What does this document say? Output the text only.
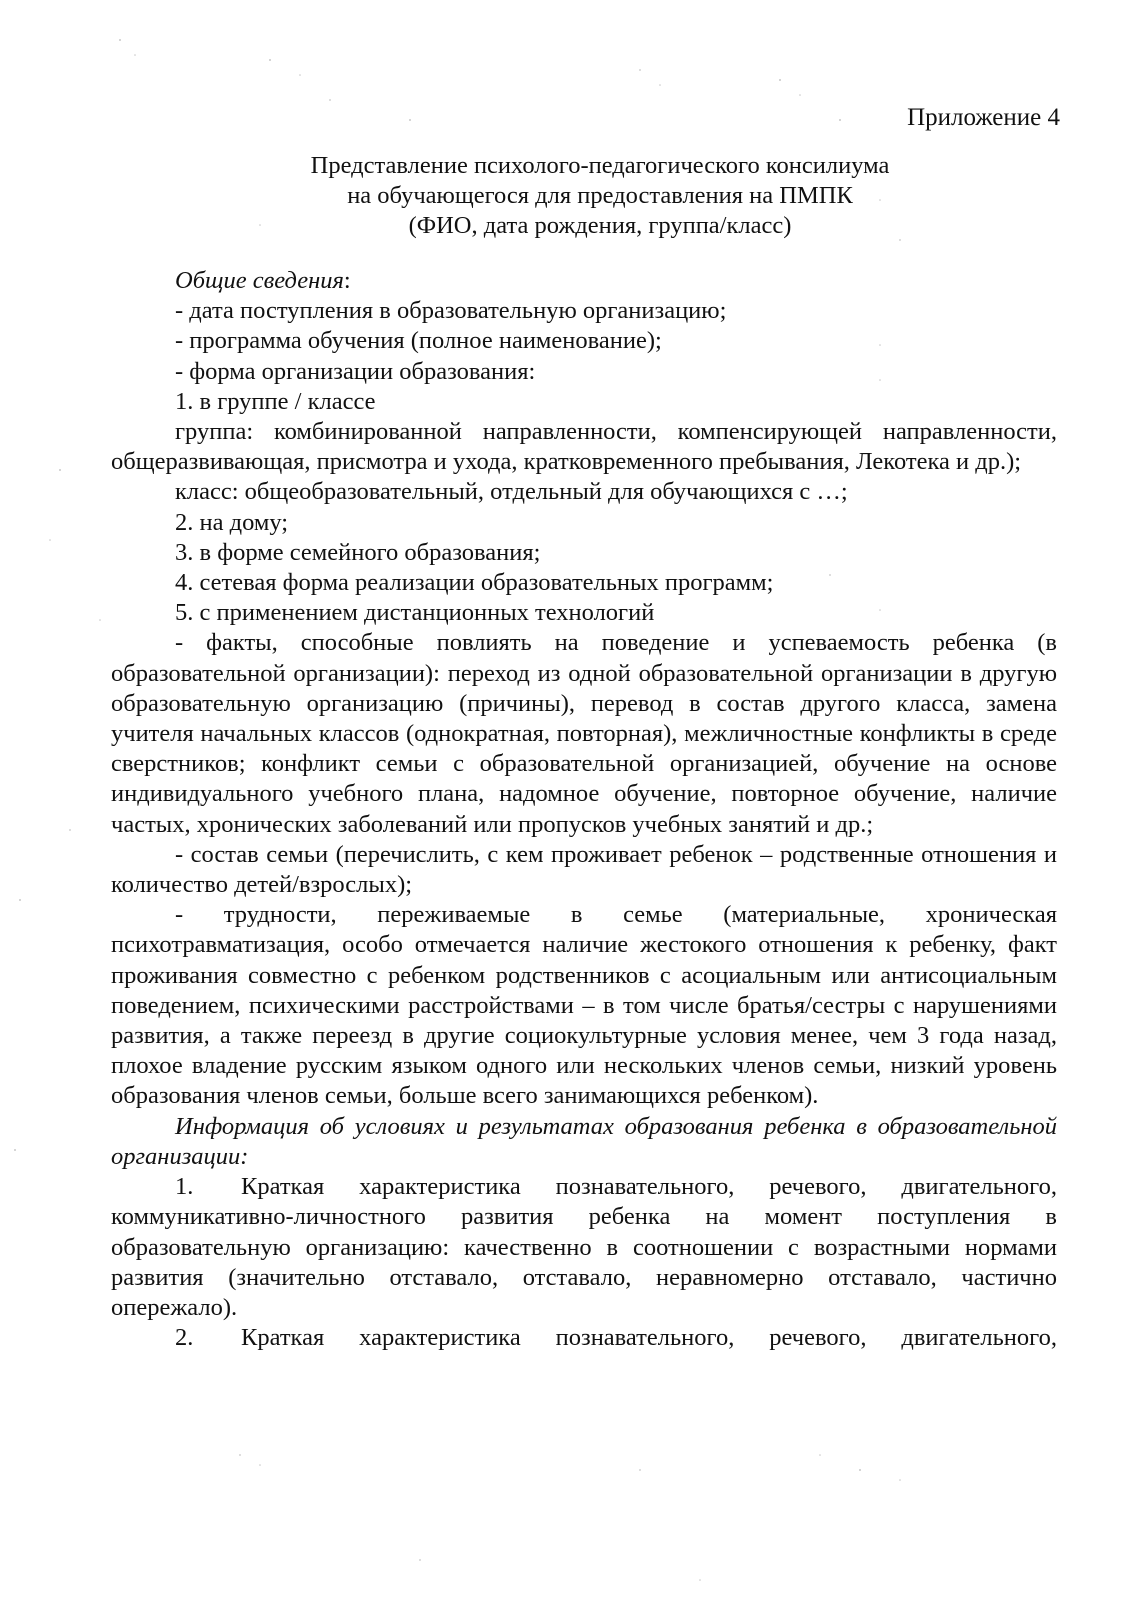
Приложение 4
Представление психолого-педагогического консилиума
на обучающегося для предоставления на ПМПК
(ФИО, дата рождения, группа/класс)

Общие сведения:

- дата поступления в образовательную организацию;

- программа обучения (полное наименование);

- форма организации образования:

1. в группе / классе

группа: комбинированной направленности, компенсирующей направленности, общеразвивающая, присмотра и ухода, кратковременного пребывания, Лекотека и др.);

класс: общеобразовательный, отдельный для обучающихся с …;

2. на дому;

3. в форме семейного образования;

4. сетевая форма реализации образовательных программ;

5. с применением дистанционных технологий

- факты, способные повлиять на поведение и успеваемость ребенка (в образовательной организации): переход из одной образовательной организации в другую образовательную организацию (причины), перевод в состав другого класса, замена учителя начальных классов (однократная, повторная), межличностные конфликты в среде сверстников; конфликт семьи с образовательной организацией, обучение на основе индивидуального учебного плана, надомное обучение, повторное обучение, наличие частых, хронических заболеваний или пропусков учебных занятий и др.;

- состав семьи (перечислить, с кем проживает ребенок – родственные отношения и количество детей/взрослых);

- трудности, переживаемые в семье (материальные, хроническая психотравматизация, особо отмечается наличие жестокого отношения к ребенку, факт проживания совместно с ребенком родственников с асоциальным или антисоциальным поведением, психическими расстройствами – в том числе братья/сестры с нарушениями развития, а также переезд в другие социокультурные условия менее, чем 3 года назад, плохое владение русским языком одного или нескольких членов семьи, низкий уровень образования членов семьи, больше всего занимающихся ребенком).

Информация об условиях и результатах образования ребенка в образовательной организации:

1. Краткая характеристика познавательного, речевого, двигательного, коммуникативно-личностного развития ребенка на момент поступления в образовательную организацию: качественно в соотношении с возрастными нормами развития (значительно отставало, отставало, неравномерно отставало, частично опережало).

2. Краткая характеристика познавательного, речевого, двигательного,
